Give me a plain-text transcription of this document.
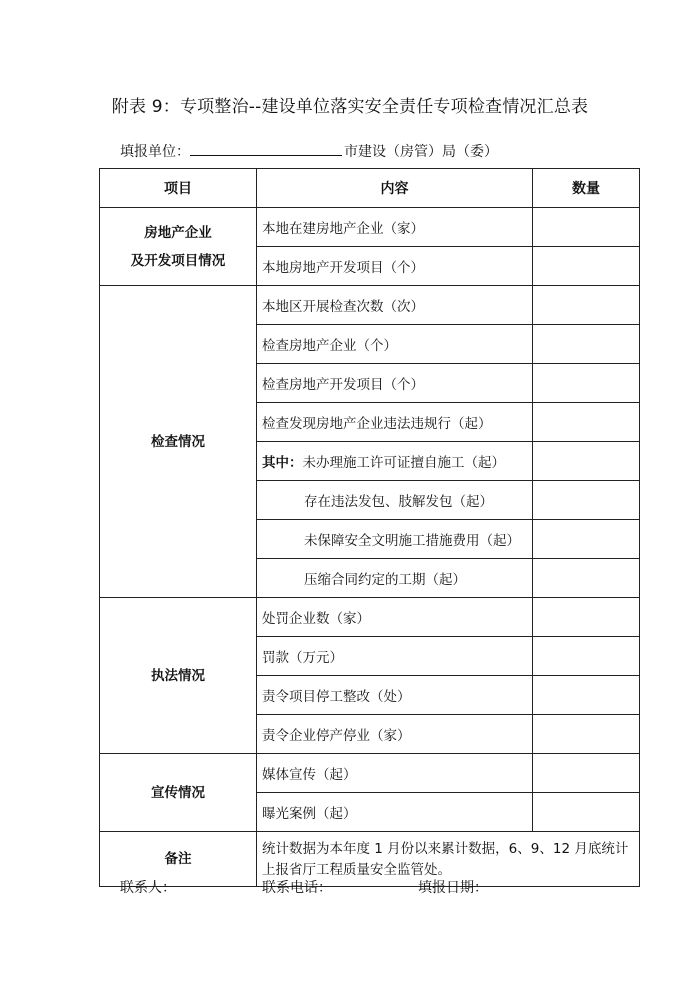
附表 9：专项整治--建设单位落实安全责任专项检查情况汇总表
填报单位：	市建设（房管）局（委）
项目	内容	数量

房地产企业
及开发项目情况	本地在建房地产企业（家）	
	本地房地产开发项目（个）	
检查情况	本地区开展检查次数（次）	
	检查房地产企业（个）	
	检查房地产开发项目（个）	
	检查发现房地产企业违法违规行（起）	
	其中：未办理施工许可证擅自施工（起）	
	存在违法发包、肢解发包（起）	
	未保障安全文明施工措施费用（起）	
	压缩合同约定的工期（起）	
执法情况	处罚企业数（家）	
	罚款（万元）	
	责令项目停工整改（处）	
	责令企业停产停业（家）	
宣传情况	媒体宣传（起）	
	曝光案例（起）	
备注	统计数据为本年度 1 月份以来累计数据，6、9、12 月底统计上报省厅工程质量安全监管处。	
联系人：	联系电话：	填报日期：
